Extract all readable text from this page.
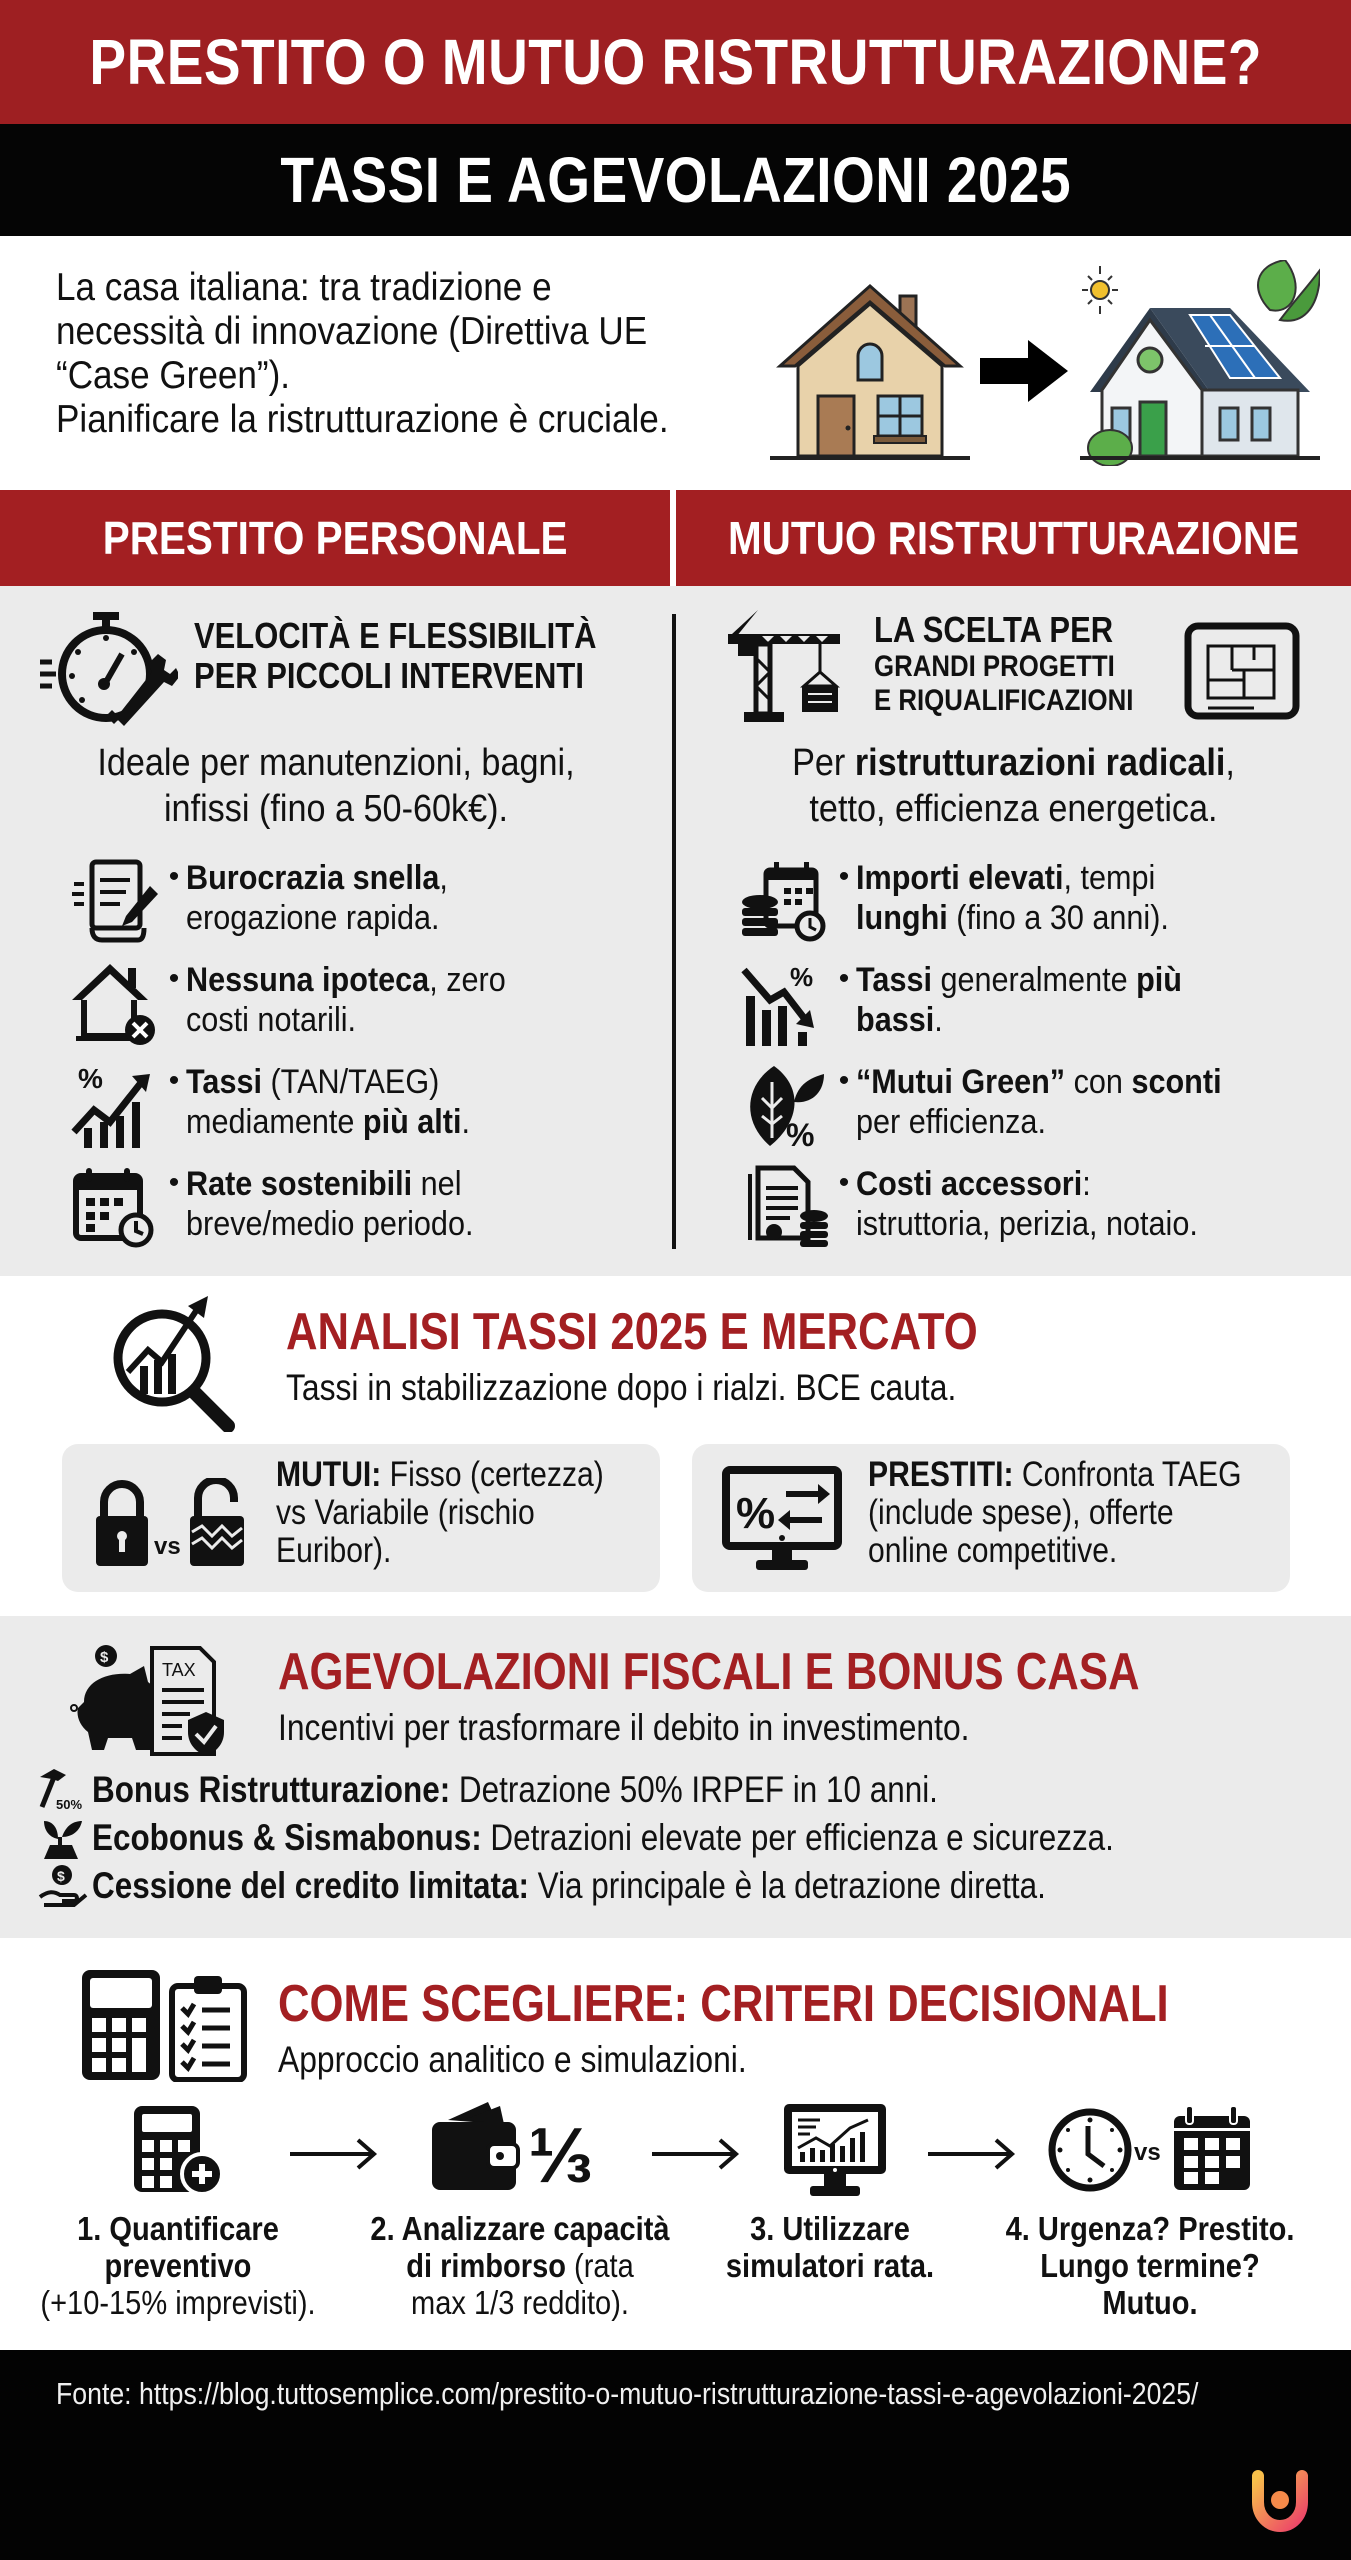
PRESTITO O MUTUO RISTRUTTURAZIONE?
TASSI E AGEVOLAZIONI 2025
La casa italiana: tra tradizione e
necessità di innovazione (Direttiva UE
“Case Green”).
Pianificare la ristrutturazione è cruciale.
PRESTITO PERSONALE	MUTUO RISTRUTTURAZIONE
VELOCITÀ E FLESSIBILITÀ
PER PICCOLI INTERVENTI
Ideale per manutenzioni, bagni,
infissi (fino a 50-60k€).
• Burocrazia snella,
erogazione rapida.
• Nessuna ipoteca, zero
costi notarili.
% • Tassi (TAN/TAEG)
mediamente più alti.
• Rate sostenibili nel
breve/medio periodo.
LA SCELTA PER
GRANDI PROGETTI
E RIQUALIFICAZIONI
Per ristrutturazioni radicali,
tetto, efficienza energetica.
• Importi elevati, tempi
lunghi (fino a 30 anni).
% • Tassi generalmente più
bassi.
%
• “Mutui Green” con sconti
per efficienza.
• Costi accessori:
istruttoria, perizia, notaio.
ANALISI TASSI 2025 E MERCATO
Tassi in stabilizzazione dopo i rialzi. BCE cauta.
vs
MUTUI: Fisso (certezza)
vs Variabile (rischio
Euribor).
%
PRESTITI: Confronta TAEG
(include spese), offerte
online competitive.
$
TAX AGEVOLAZIONI FISCALI E BONUS CASA
Incentivi per trasformare il debito in investimento.
50% Bonus Ristrutturazione: Detrazione 50% IRPEF in 10 anni.
Ecobonus & Sismabonus: Detrazioni elevate per efficienza e sicurezza.
$ Cessione del credito limitata: Via principale è la detrazione diretta.
COME SCEGLIERE: CRITERI DECISIONALI
Approccio analitico e simulazioni.
1. Quantificare
preventivo
(+10-15% imprevisti).
⅓
2. Analizzare capacità
di rimborso (rata
max 1/3 reddito).
3. Utilizzare
simulatori rata.
vs
4. Urgenza? Prestito.
Lungo termine?
Mutuo.
Fonte: https://blog.tuttosemplice.com/prestito-o-mutuo-ristrutturazione-tassi-e-agevolazioni-2025/
